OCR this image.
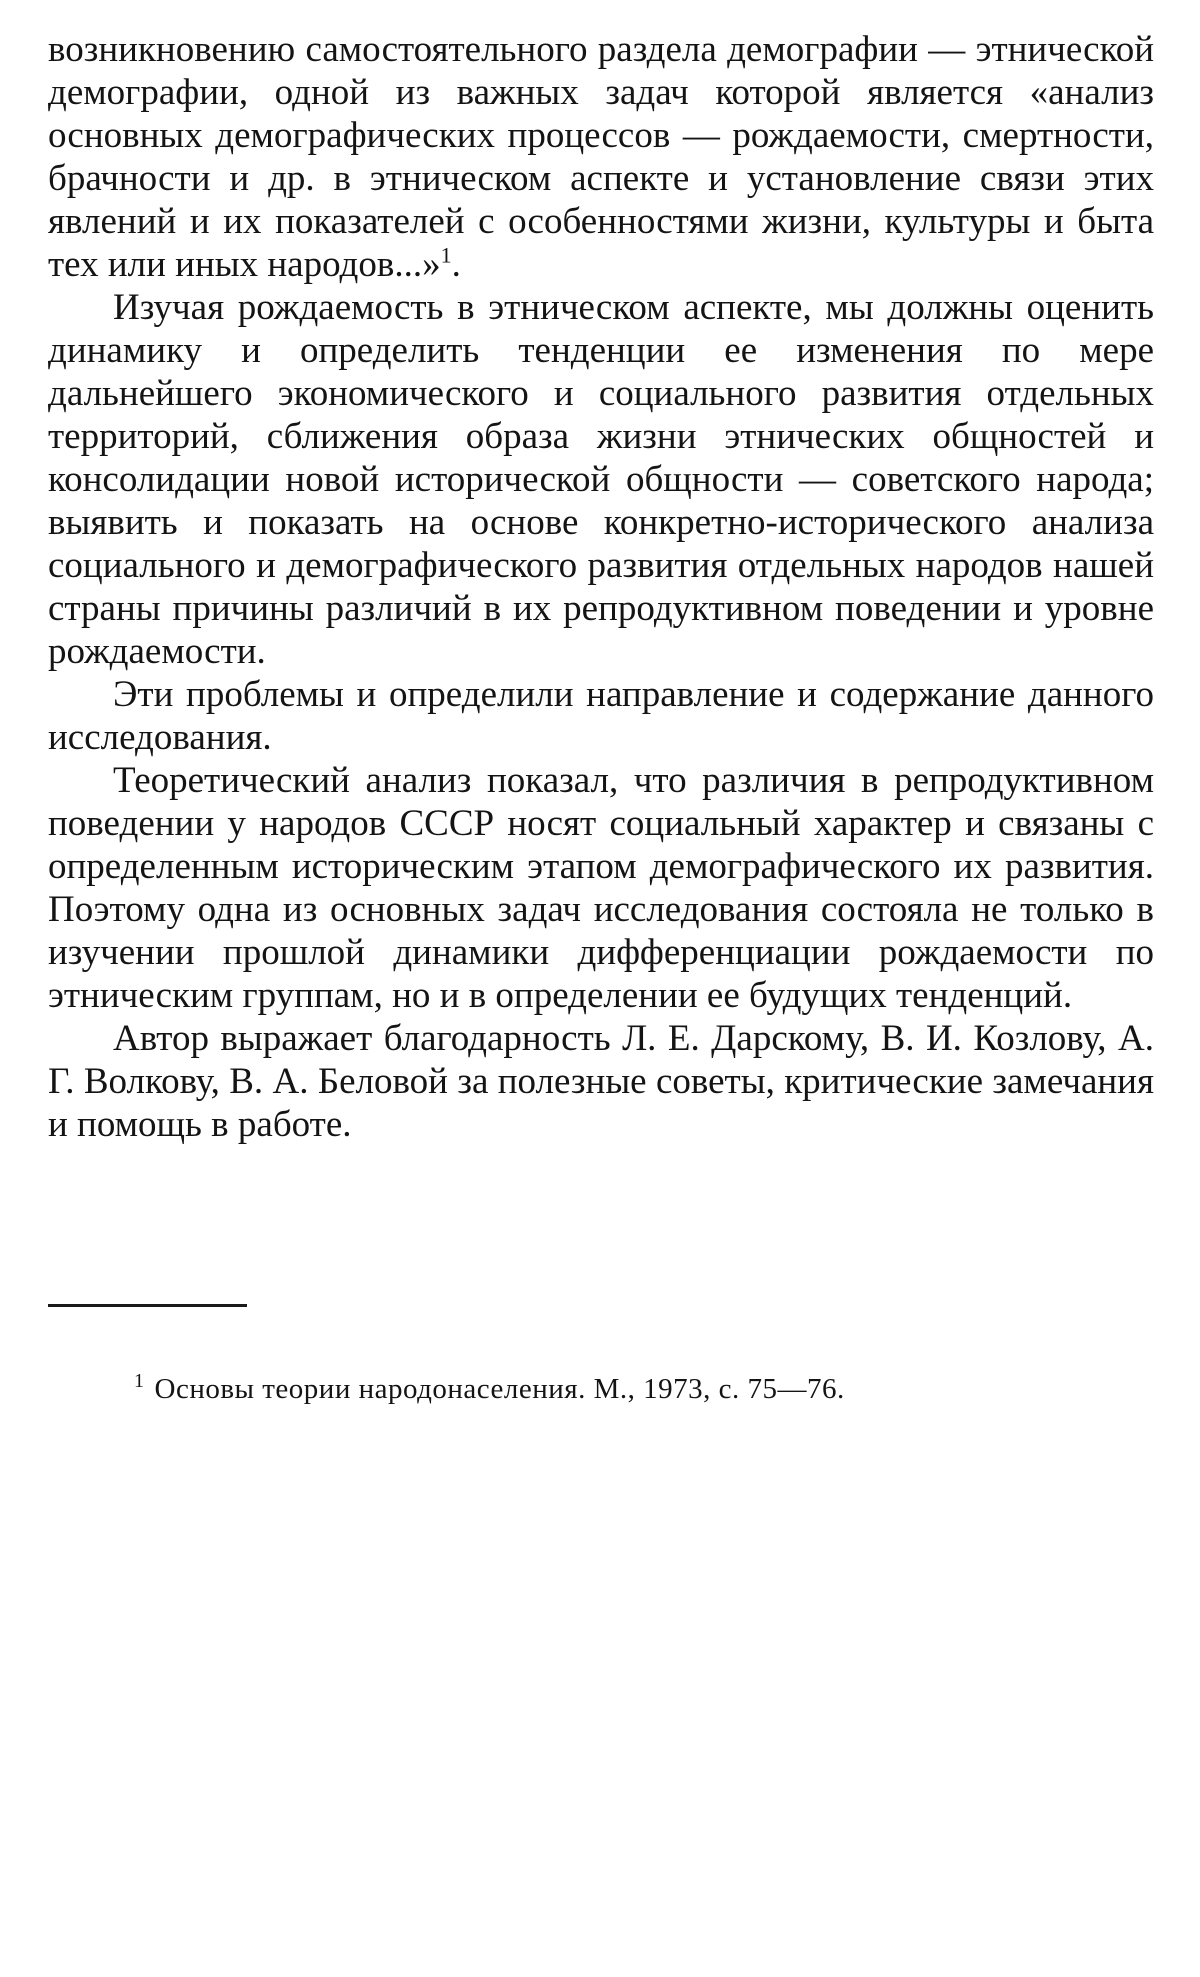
возникновению самостоятельного раздела демографии — этнической демографии, одной из важных задач которой является «анализ основных демографических процессов — рождаемости, смертности, брачности и др. в этническом аспекте и установление связи этих явлений и их показателей с особенностями жизни, культуры и быта тех или иных народов...»$^1$.

Изучая рождаемость в этническом аспекте, мы должны оценить динамику и определить тенденции ее изменения по мере дальнейшего экономического и социального развития отдельных территорий, сближения образа жизни этнических общностей и консолидации новой исторической общности — советского народа; выявить и показать на основе конкретно-исторического анализа социального и демографического развития отдельных народов нашей страны причины различий в их репродуктивном поведении и уровне рождаемости.

Эти проблемы и определили направление и содержание данного исследования.

Теоретический анализ показал, что различия в репродуктивном поведении у народов СССР носят социальный характер и связаны с определенным историческим этапом демографического их развития. Поэтому одна из основных задач исследования состояла не только в изучении прошлой динамики дифференциации рождаемости по этническим группам, но и в определении ее будущих тенденций.

Автор выражает благодарность Л. Е. Дарскому, В. И. Козлову, А. Г. Волкову, В. А. Беловой за полезные советы, критические замечания и помощь в работе.

$^1$ Основы теории народонаселения. М., 1973, с. 75—76.
